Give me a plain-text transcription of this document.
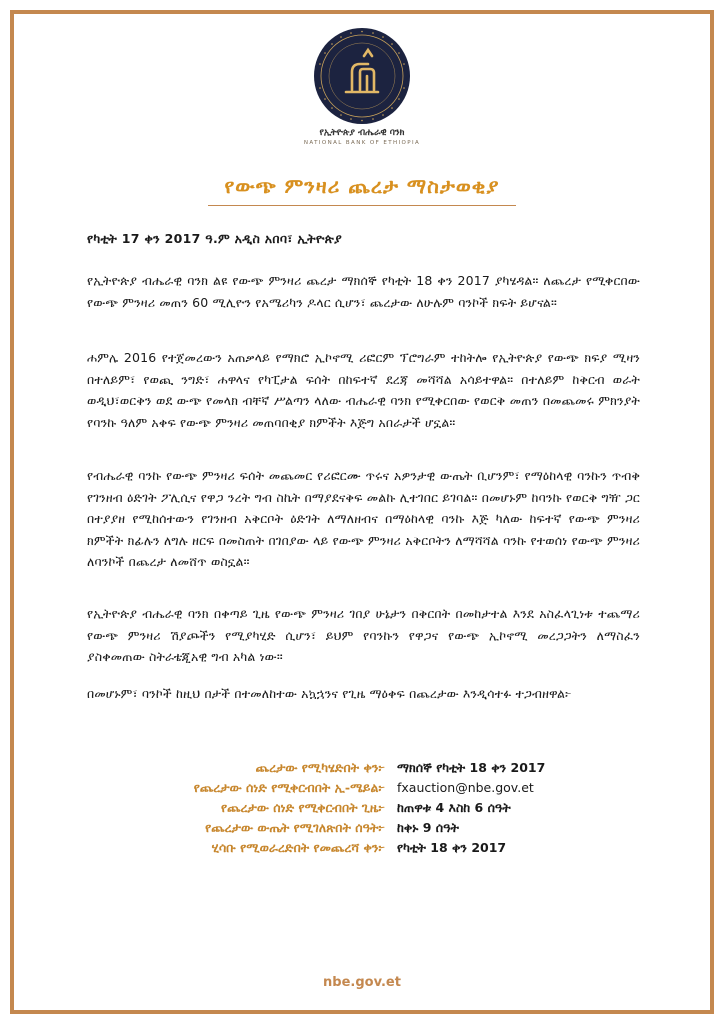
የኢትዮጵያ ብሔራዊ ባንክ
NATIONAL BANK OF ETHIOPIA
የውጭ ምንዛሪ ጨረታ ማስታወቂያ
የካቲት 17 ቀን 2017 ዓ.ም አዲስ አበባ፣ ኢትዮጵያ
የኢትዮጵያ ብሔራዊ ባንክ ልዩ የውጭ ምንዛሪ ጨረታ ማክሰኞ የካቲት 18 ቀን 2017 ያካሄዳል። ለጨረታ የሚቀርበው የውጭ ምንዛሪ መጠን 60 ሚሊዮን የአሜሪካን ዶላር ሲሆን፣ ጨረታው ለሁሉም ባንኮች ክፍት ይሆናል።
ሐምሌ 2016 የተጀመረውን አጠቃላይ የማክሮ ኢኮኖሚ ሪፎርም ፕሮግራም ተከትሎ የኢትዮጵያ የውጭ ክፍያ ሚዛን በተለይም፣ የወጪ ንግድ፣ ሐዋላና የካፒታል ፍሰት በከፍተኛ ደረጃ መሻሻል አሳይተዋል። በተለይም ከቅርብ ወራት ወዲህ፣ወርቅን ወደ ውጭ የመላክ ብቸኛ ሥልጣን ላለው ብሔራዊ ባንክ የሚቀርበው የወርቅ መጠን በመጨመሩ ምክንያት የባንኩ ዓለም አቀፍ የውጭ ምንዛሪ መጠባበቂያ ክምችት እጅግ አበራታች ሆኗል።
የብሔራዊ ባንኩ የውጭ ምንዛሪ ፍሰት መጨመር የሪፎርሙ ጥሩና አዎንታዊ ውጤት ቢሆንም፣ የማዕከላዊ ባንኩን ጥብቅ የገንዘብ ዕድገት ፖሊሲና የዋጋ ንረት ግብ ስኬት በማያደናቅፍ መልኩ ሊተገበር ይገባል። በመሆኑም ከባንኩ የወርቅ ግዥ ጋር በተያያዘ የሚከሰተውን የገንዘብ አቅርቦት ዕድገት ለማለዘብና በማዕከላዊ ባንኩ እጅ ካለው ከፍተኛ የውጭ ምንዛሪ ክምችት ክፊሉን ለግሉ ዘርፍ በመስጠት በገበያው ላይ የውጭ ምንዛሪ አቅርቦትን ለማሻሻል ባንኩ የተወሰነ የውጭ ምንዛሪ ለባንኮች በጨረታ ለመሸጥ ወስኗል።
የኢትዮጵያ ብሔራዊ ባንክ በቀጣይ ጊዜ የውጭ ምንዛሪ ገበያ ሁኔታን በቅርበት በመከታተል እንደ አስፈላጊነቱ ተጨማሪ የውጭ ምንዛሪ ሽያጮችን የሚያካሂድ ሲሆን፣ ይህም የባንኩን የዋጋና የውጭ ኢኮኖሚ መረጋጋትን ለማስፈን ያስቀመጠው ስትራቴጂአዊ ግብ አካል ነው።
በመሆኑም፣ ባንኮች ከዚህ በታች በተመለከተው አኳኋንና የጊዜ ማዕቀፍ በጨረታው እንዲሳተፉ ተጋብዘዋል፦
ጨረታው የሚካሄድበት ቀን፦ ማክሰኞ የካቲት 18 ቀን 2017
የጨረታው ሰነድ የሚቀርብበት ኢ-ሜይል፦ fxauction@nbe.gov.et
የጨረታው ሰነድ የሚቀርብበት ጊዜ፦ ከጠዋቱ 4 እስከ 6 ሰዓት
የጨረታው ውጤት የሚገለጽበት ሰዓት፦ ከቀኑ 9 ሰዓት
ሂሳቡ የሚወራረድበት የመጨረሻ ቀን፦ የካቲት 18 ቀን 2017
nbe.gov.et
